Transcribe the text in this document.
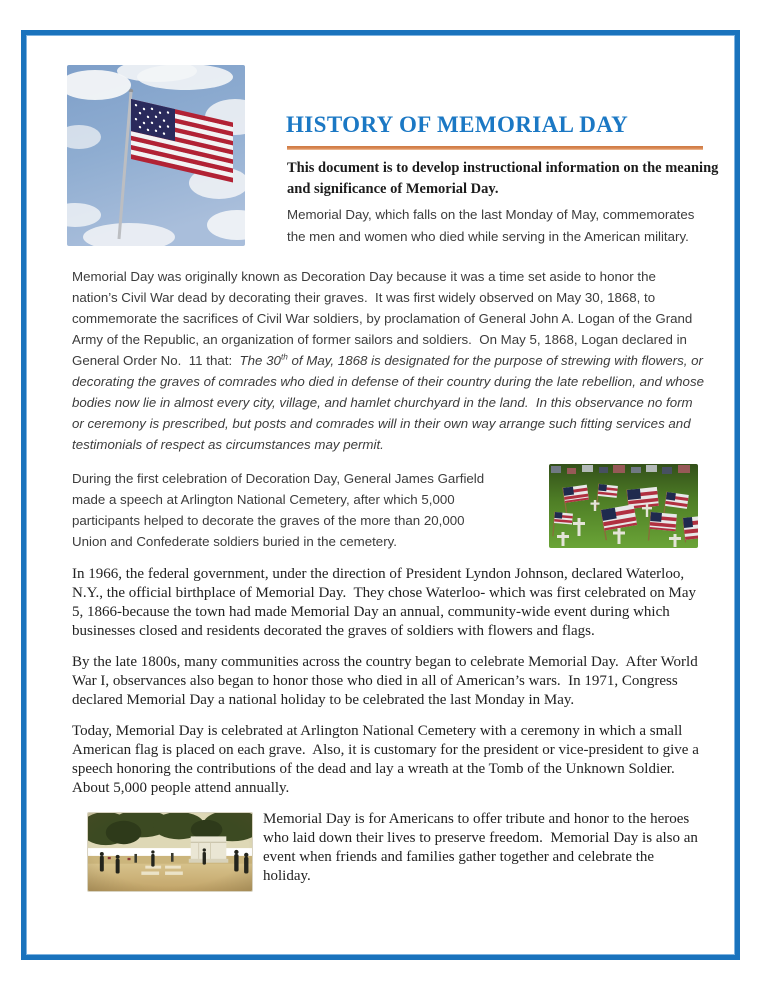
HISTORY OF MEMORIAL DAY

This document is to develop instructional information on the meaning and significance of Memorial Day.

Memorial Day, which falls on the last Monday of May, commemorates the men and women who died while serving in the American military.

Memorial Day was originally known as Decoration Day because it was a time set aside to honor the nation’s Civil War dead by decorating their graves.  It was first widely observed on May 30, 1868, to commemorate the sacrifices of Civil War soldiers, by proclamation of General John A. Logan of the Grand Army of the Republic, an organization of former sailors and soldiers.  On May 5, 1868, Logan declared in General Order No.  11 that:  The 30th of May, 1868 is designated for the purpose of strewing with flowers, or decorating the graves of comrades who died in defense of their country during the late rebellion, and whose bodies now lie in almost every city, village, and hamlet churchyard in the land.  In this observance no form or ceremony is prescribed, but posts and comrades will in their own way arrange such fitting services and testimonials of respect as circumstances may permit.

During the first celebration of Decoration Day, General James Garfield made a speech at Arlington National Cemetery, after which 5,000 participants helped to decorate the graves of the more than 20,000 Union and Confederate soldiers buried in the cemetery.

In 1966, the federal government, under the direction of President Lyndon Johnson, declared Waterloo, N.Y., the official birthplace of Memorial Day.  They chose Waterloo- which was first celebrated on May 5, 1866-because the town had made Memorial Day an annual, community-wide event during which businesses closed and residents decorated the graves of soldiers with flowers and flags.

By the late 1800s, many communities across the country began to celebrate Memorial Day.  After World War I, observances also began to honor those who died in all of American’s wars.  In 1971, Congress declared Memorial Day a national holiday to be celebrated the last Monday in May.

Today, Memorial Day is celebrated at Arlington National Cemetery with a ceremony in which a small American flag is placed on each grave.  Also, it is customary for the president or vice-president to give a speech honoring the contributions of the dead and lay a wreath at the Tomb of the Unknown Soldier.  About 5,000 people attend annually.

Memorial Day is for Americans to offer tribute and honor to the heroes who laid down their lives to preserve freedom.  Memorial Day is also an event when friends and families gather together and celebrate the holiday.
